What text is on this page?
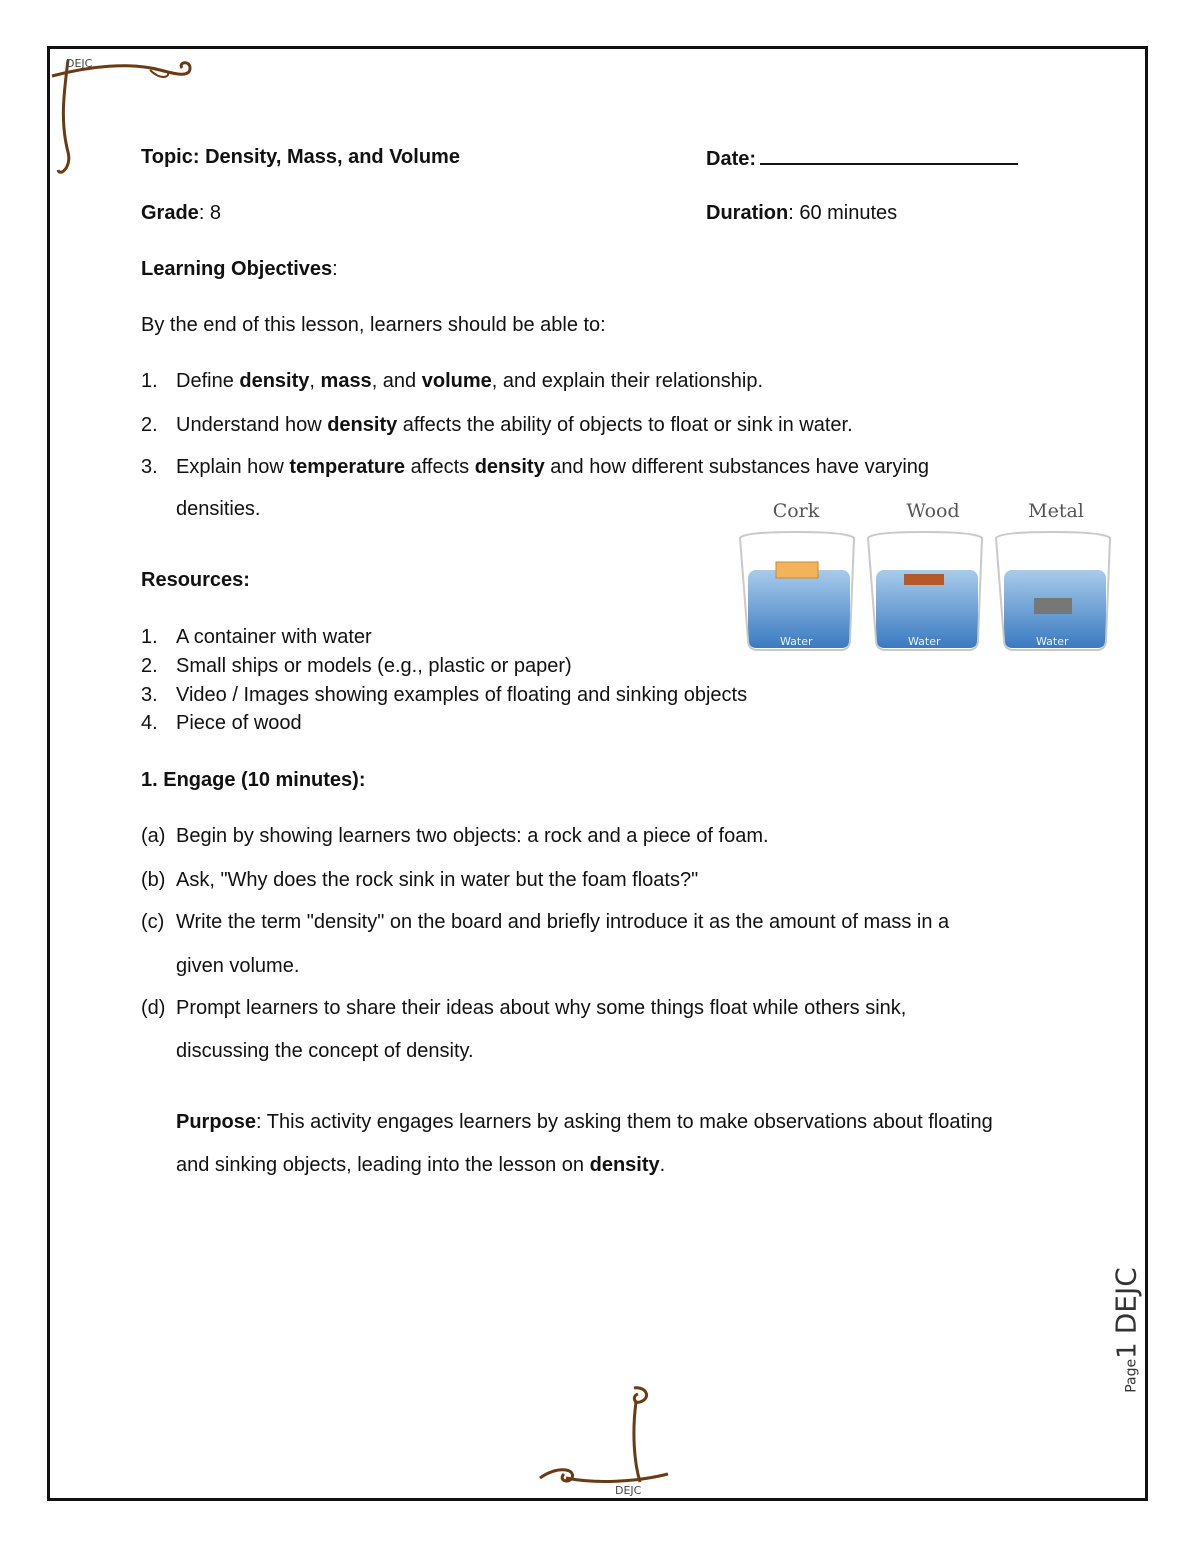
DEJC
Topic: Density, Mass, and Volume	Date:
Grade: 8	Duration: 60 minutes
Learning Objectives:
By the end of this lesson, learners should be able to:
1. Define density, mass, and volume, and explain their relationship.
2. Understand how density affects the ability of objects to float or sink in water.
3. Explain how temperature affects density and how different substances have varying
densities.	Cork	Wood	Metal
Water	Water	Water
Resources:
1. A container with water
2. Small ships or models (e.g., plastic or paper)
3. Video / Images showing examples of floating and sinking objects
4. Piece of wood
1. Engage (10 minutes):
(a) Begin by showing learners two objects: a rock and a piece of foam.
(b) Ask, "Why does the rock sink in water but the foam floats?"
(c) Write the term "density" on the board and briefly introduce it as the amount of mass in a
given volume.
(d) Prompt learners to share their ideas about why some things float while others sink,
discussing the concept of density.
Purpose: This activity engages learners by asking them to make observations about floating
and sinking objects, leading into the lesson on density.
DEJC
Page1DEJC
